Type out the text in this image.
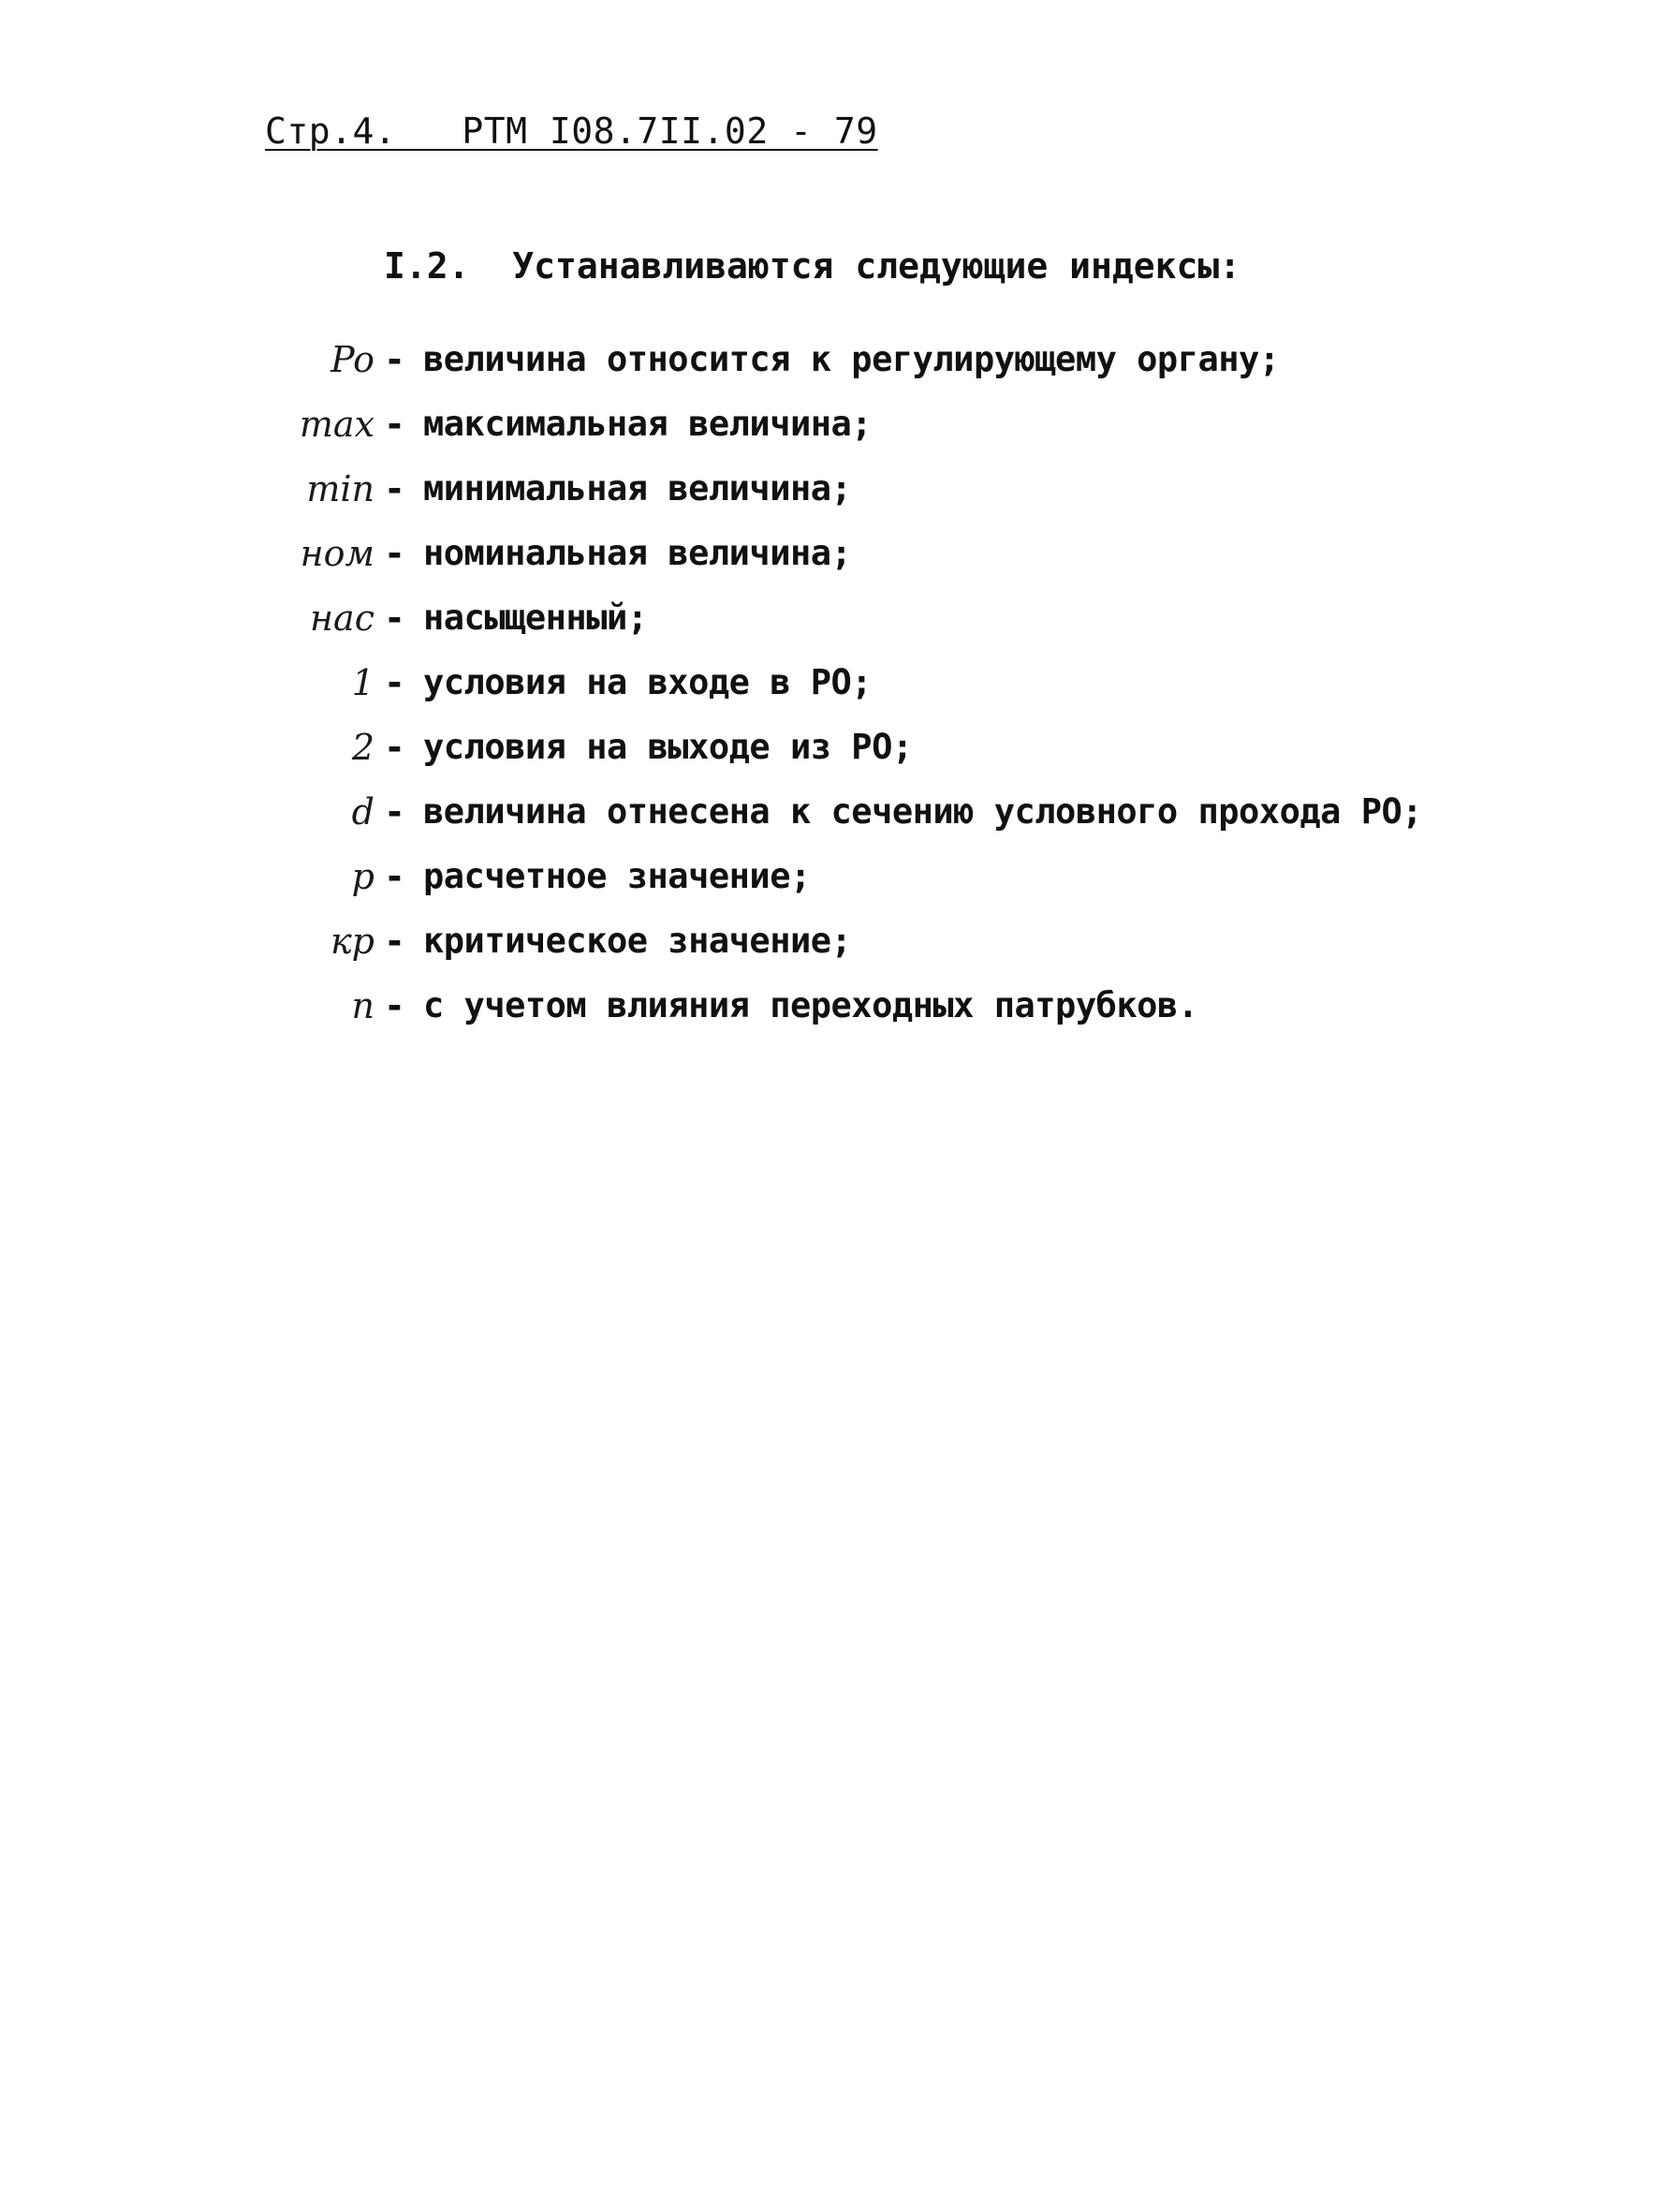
Стр.4.   РТМ I08.7II.02 - 79
I.2.  Устанавливаются следующие индексы:
Po - величина относится к регулирующему органу;
max - максимальная величина;
min - минимальная величина;
ном - номинальная величина;
нас - насыщенный;
1 - условия на входе в РО;
2 - условия на выходе из РО;
d - величина отнесена к сечению условного прохода РО;
р - расчетное значение;
кр - критическое значение;
п - с учетом влияния переходных патрубков.
